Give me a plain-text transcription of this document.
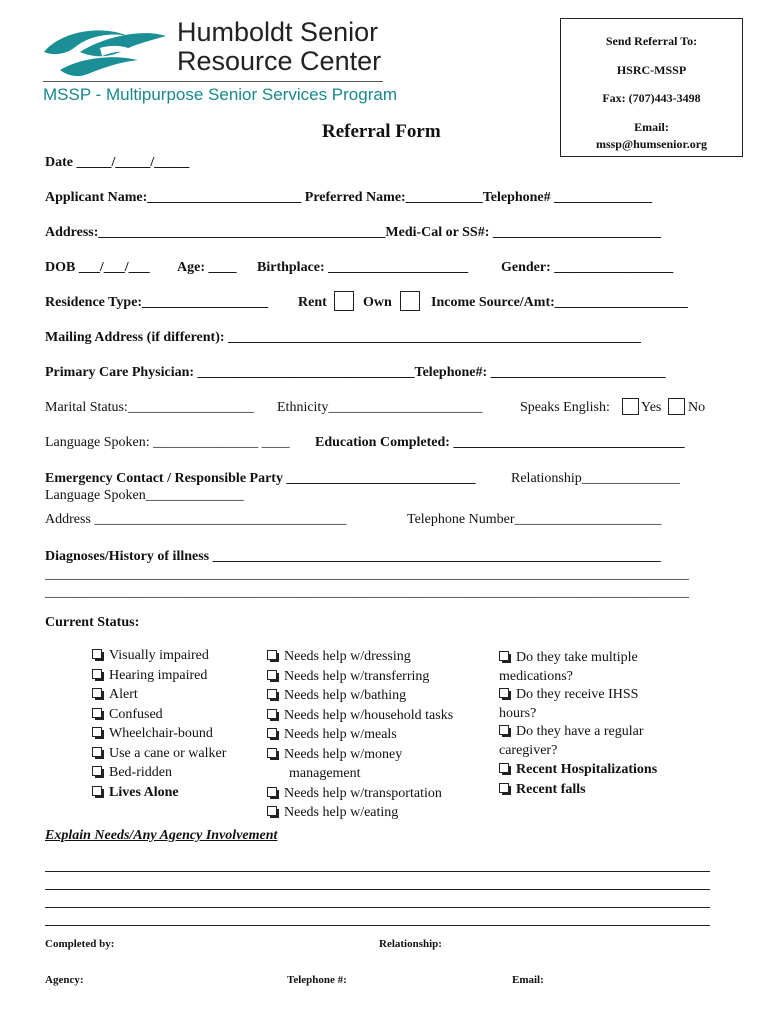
Humboldt Senior
Resource Center
MSSP - Multipurpose Senior Services Program
Send Referral To:
HSRC-MSSP
Fax: (707)443-3498
Email:
mssp@humsenior.org
Referral Form
Date _____/_____/_____
Applicant Name:______________________ Preferred Name:___________Telephone# ______________
Address:_________________________________________Medi-Cal or SS#: ________________________
DOB ___/___/___ Age: ____ Birthplace: ____________________ Gender: _________________
Residence Type:__________________ Rent	Own	Income Source/Amt:___________________
Mailing Address (if different): ___________________________________________________________
Primary Care Physician: _______________________________Telephone#: _________________________
Marital Status:__________________ Ethnicity______________________	Speaks English: Yes No
Language Spoken: _______________ ____ Education Completed: _________________________________
Emergency Contact / Responsible Party ___________________________	Relationship______________
Language Spoken______________
Address ____________________________________	Telephone Number_____________________
Diagnoses/History of illness ________________________________________________________________
____________________________________________________________________________________________
____________________________________________________________________________________________
Current Status:
Visually impaired
Hearing impaired
Alert
Confused
Wheelchair-bound
Use a cane or walker
Bed-ridden
Lives Alone
Needs help w/dressing
Needs help w/transferring
Needs help w/bathing
Needs help w/household tasks
Needs help w/meals
Needs help w/money
management
Needs help w/transportation
Needs help w/eating
Do they take multiple
medications?
Do they receive IHSS
hours?
Do they have a regular
caregiver?
Recent Hospitalizations
Recent falls
Explain Needs/Any Agency Involvement
Completed by:	Relationship:
Agency:	Telephone #:	Email:
